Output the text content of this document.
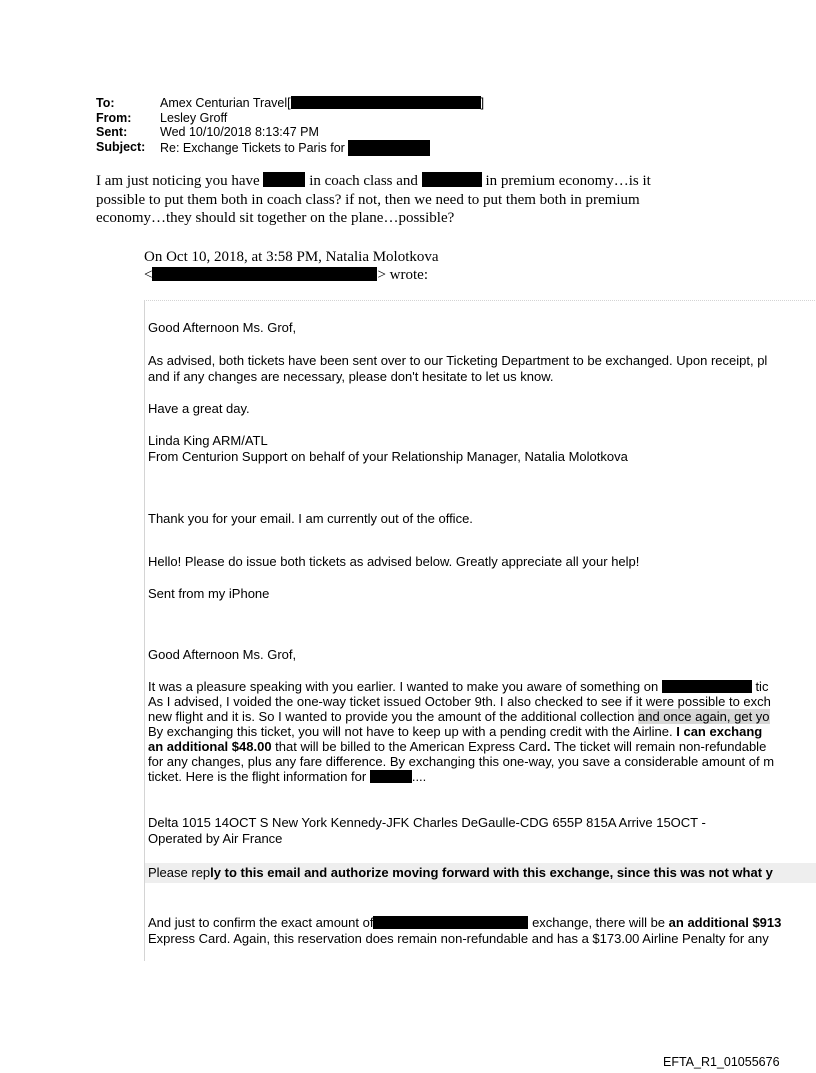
To:	Amex Centurian Travel[	]
From:	Lesley Groff
Sent:	Wed 10/10/2018 8:13:47 PM
Subject:	Re: Exchange Tickets to Paris for
I am just noticing you have	in coach class and	in premium economy…is it
possible to put them both in coach class? if not, then we need to put them both in premium
economy…they should sit together on the plane…possible?
On Oct 10, 2018, at 3:58 PM, Natalia Molotkova
<	> wrote:
Good Afternoon Ms. Grof,
As advised, both tickets have been sent over to our Ticketing Department to be exchanged. Upon receipt, pl
and if any changes are necessary, please don't hesitate to let us know.
Have a great day.
Linda King ARM/ATL
From Centurion Support on behalf of your Relationship Manager, Natalia Molotkova
Thank you for your email. I am currently out of the office.
Hello! Please do issue both tickets as advised below. Greatly appreciate all your help!
Sent from my iPhone
Good Afternoon Ms. Grof,
It was a pleasure speaking with you earlier. I wanted to make you aware of something on	tic
As I advised, I voided the one-way ticket issued October 9th. I also checked to see if it were possible to exch
new flight and it is. So I wanted to provide you the amount of the additional collection and once again, get yo
By exchanging this ticket, you will not have to keep up with a pending credit with the Airline. I can exchang
an additional $48.00 that will be billed to the American Express Card. The ticket will remain non-refundable
for any changes, plus any fare difference. By exchanging this one-way, you save a considerable amount of m
ticket. Here is the flight information for	....
Delta 1015 14OCT S New York Kennedy-JFK Charles DeGaulle-CDG 655P 815A Arrive 15OCT -
Operated by Air France
Please reply to this email and authorize moving forward with this exchange, since this was not what y
And just to confirm the exact amount of	exchange, there will be an additional $913
Express Card. Again, this reservation does remain non-refundable and has a $173.00 Airline Penalty for any
EFTA_R1_01055676
